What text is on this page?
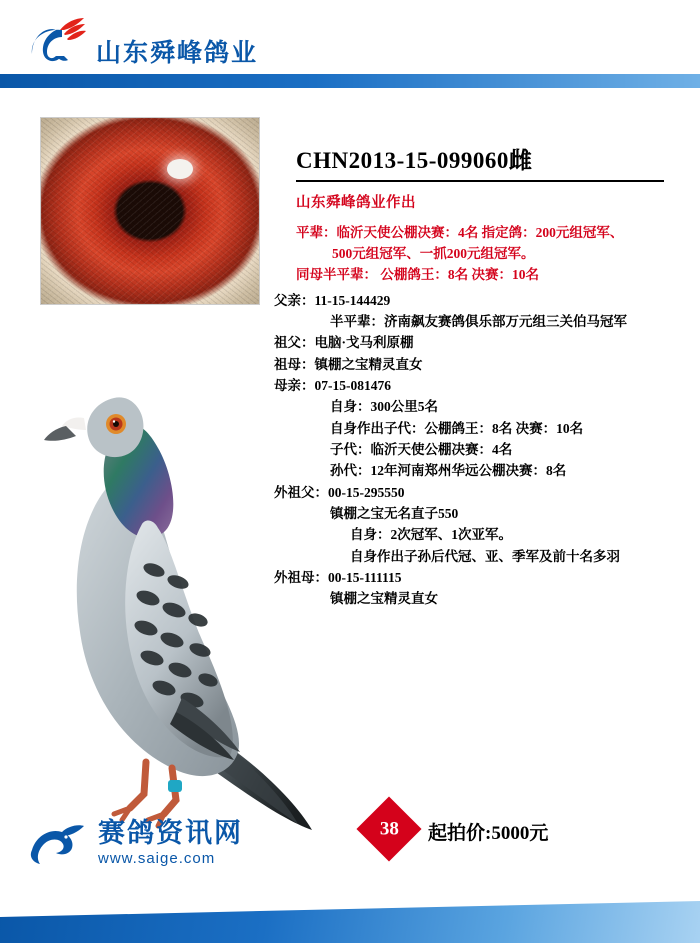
山东舜峰鸽业
CHN2013-15-099060雌
山东舜峰鸽业作出
平辈：临沂天使公棚决赛：4名 指定鸽：200元组冠军、
500元组冠军、一抓200元组冠军。
同母半平辈： 公棚鸽王：8名 决赛：10名
父亲：11-15-144429
半平辈：济南飙友赛鸽俱乐部万元组三关伯马冠军
祖父：电脑·戈马利原棚
祖母：镇棚之宝精灵直女
母亲：07-15-081476
自身：300公里5名
自身作出子代：公棚鸽王：8名 决赛：10名
子代：临沂天使公棚决赛：4名
孙代：12年河南郑州华远公棚决赛：8名
外祖父：00-15-295550
镇棚之宝无名直子550
自身：2次冠军、1次亚军。
自身作出子孙后代冠、亚、季军及前十名多羽
外祖母：00-15-111115
镇棚之宝精灵直女
38 起拍价:5000元
赛鸽资讯网
www.saige.com
